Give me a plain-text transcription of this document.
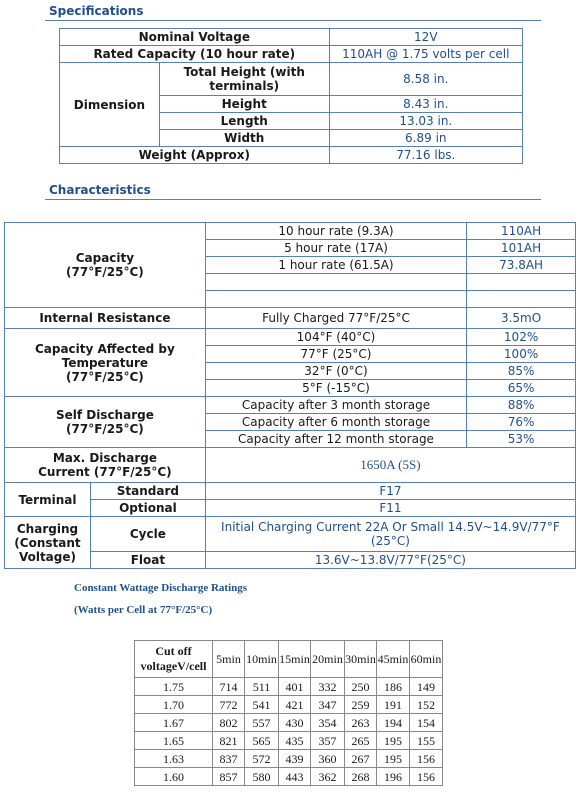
Specifications
Nominal Voltage		12V
Rated Capacity (10 hour rate)		110AH @ 1.75 volts per cell
Dimension	Total Height (with terminals)	8.58 in.
	Height	8.43 in.
	Length	13.03 in.
	Width	6.89 in
Weight (Approx)		77.16 lbs.
Characteristics
Capacity (77°F/25°C)		10 hour rate (9.3A)	110AH
		5 hour rate (17A)	101AH
		1 hour rate (61.5A)	73.8AH

Internal Resistance		Fully Charged 77°F/25°C	3.5mO
Capacity Affected by Temperature (77°F/25°C)		104°F (40°C)	102%
		77°F (25°C)	100%
		32°F (0°C)	85%
		5°F (-15°C)	65%
Self Discharge (77°F/25°C)		Capacity after 3 month storage	88%
		Capacity after 6 month storage	76%
		Capacity after 12 month storage	53%
Max. Discharge Current (77°F/25°C)		1650A (5S)	
Terminal	Standard	F17	
	Optional	F11	
Charging (Constant Voltage)	Cycle	Initial Charging Current 22A Or Small 14.5V~14.9V/77°F (25°C)	
	Float	13.6V~13.8V/77°F(25°C)	
Constant Wattage Discharge Ratings
(Watts per Cell at 77°F/25°C)
Cut off voltageV/cell	5min	10min	15min	20min	30min	45min	60min
1.75	714	511	401	332	250	186	149
1.70	772	541	421	347	259	191	152
1.67	802	557	430	354	263	194	154
1.65	821	565	435	357	265	195	155
1.63	837	572	439	360	267	195	156
1.60	857	580	443	362	268	196	156
